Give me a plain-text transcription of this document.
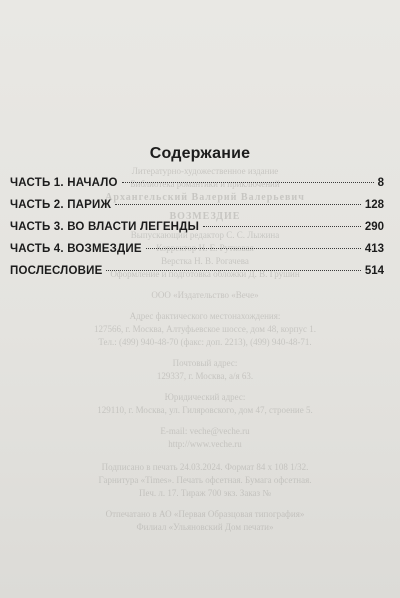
Литературно-художественное издание
Библиотека романтики и приключений
Архангельский Валерий Валерьевич
ВОЗМЕЗДИЕ
Выпускающий редактор С. С. Лыжина
Корректор Н. Е. Рутковая
Верстка Н. В. Рогачева
Оформление и подготовка обложки Д. В. Грушин
ООО «Издательство «Вече»
Адрес фактического местонахождения:
127566, г. Москва, Алтуфьевское шоссе, дом 48, корпус 1.
Тел.: (499) 940-48-70 (факс: доп. 2213), (499) 940-48-71.
Почтовый адрес:
129337, г. Москва, а/я 63.
Юридический адрес:
129110, г. Москва, ул. Гиляровского, дом 47, строение 5.
E-mail: veche@veche.ru
http://www.veche.ru
Подписано в печать 24.03.2024. Формат 84 х 108 1/32.
Гарнитура «Times». Печать офсетная. Бумага офсетная.
Печ. л. 17. Тираж 700 экз. Заказ №
Отпечатано в АО «Первая Образцовая типография»
Филиал «Ульяновский Дом печати»
Содержание
ЧАСТЬ 1. НАЧАЛО	8
ЧАСТЬ 2. ПАРИЖ	128
ЧАСТЬ 3. ВО ВЛАСТИ ЛЕГЕНДЫ	290
ЧАСТЬ 4. ВОЗМЕЗДИЕ	413
ПОСЛЕСЛОВИЕ	514
